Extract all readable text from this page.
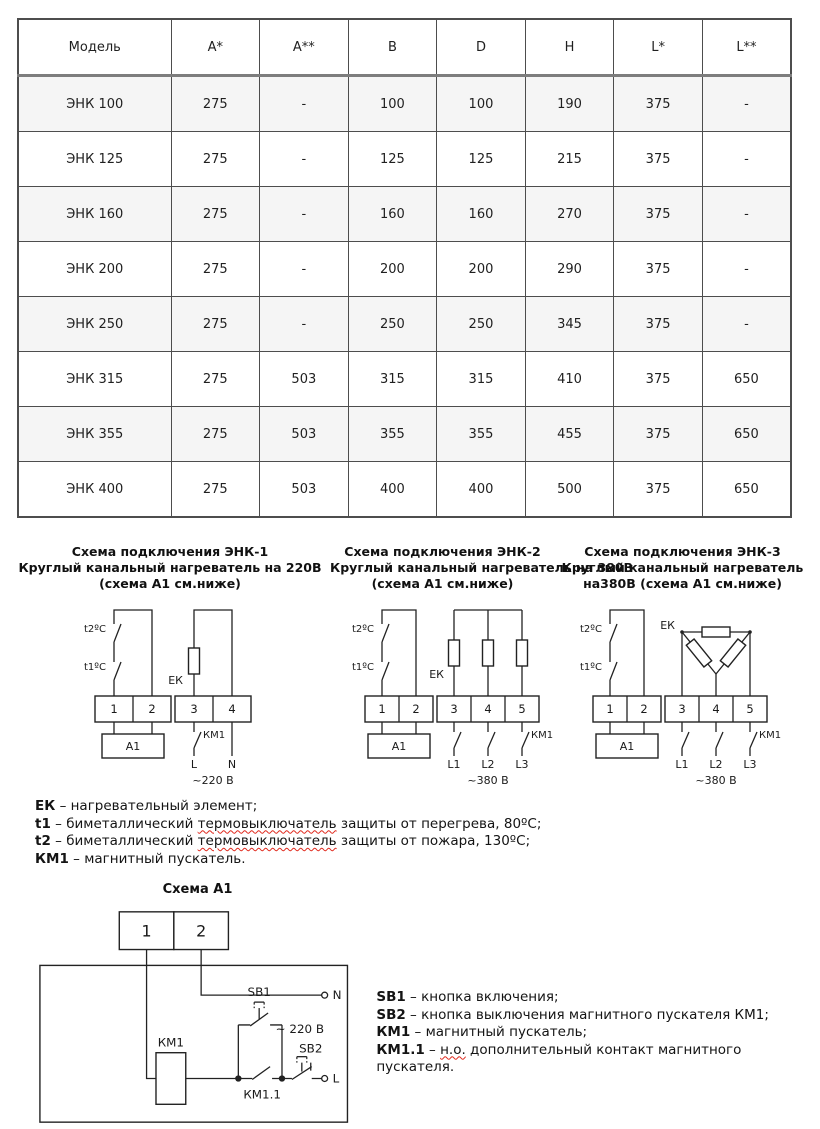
Модель	A*	A**	B	D	H	L*	L**
ЭНК 100	275	-	100	100	190	375	-
ЭНК 125	275	-	125	125	215	375	-
ЭНК 160	275	-	160	160	270	375	-
ЭНК 200	275	-	200	200	290	375	-
ЭНК 250	275	-	250	250	345	375	-
ЭНК 315	275	503	315	315	410	375	650
ЭНК 355	275	503	355	355	455	375	650
ЭНК 400	275	503	400	400	500	375	650
Схема подключения ЭНК-1
Круглый канальный нагреватель на 220В
(схема А1 см.ниже)
t2ºC
t1ºC
ЕК
1	2	3	4
А1
КМ1
L	N
~220 В
Схема подключения ЭНК-2
Круглый канальный нагреватель на 380В
(схема А1 см.ниже)
t2ºC
t1ºC
ЕК
1 2	3 4 5
А1
КМ1
L1 L2 L3
~380 В
Схема подключения ЭНК-3
Круглый канальный нагреватель
на380В (схема А1 см.ниже)
t2ºC
t1ºC
ЕК
1 2	3 4 5
А1
КМ1
L1 L2 L3
~380 В
ЕК – нагревательный элемент;
t1 – биметаллический термовыключатель защиты от перегрева, 80ºС;
t2 – биметаллический термовыключатель защиты от пожара, 130ºС;
КМ1 – магнитный пускатель.
Схема А1
1	2
N
КМ1
КМ1.1
SB1
SB2
L
~ 220 В
SB1 – кнопка включения;
SB2 – кнопка выключения магнитного пускателя КМ1;
КМ1 – магнитный пускатель;
КМ1.1 – н.о. дополнительный контакт магнитного пускателя.
